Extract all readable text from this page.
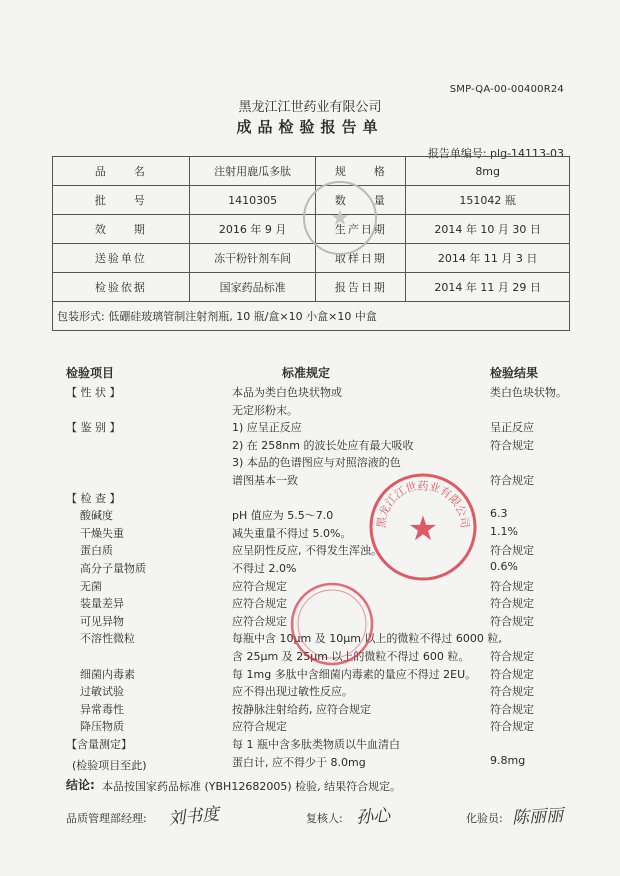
SMP-QA-00-00400R24
黑龙江江世药业有限公司
成品检验报告单
报告单编号: plg-14113-03
品　　名	注射用鹿瓜多肽	规　　格	8mg
批　　号	1410305	数　　量	151042 瓶
效　　期	2016 年 9 月	生产日期	2014 年 10 月 30 日
送验单位	冻干粉针剂车间	取样日期	2014 年 11 月 3 日
检验依据	国家药品标准	报告日期	2014 年 11 月 29 日
包装形式: 低硼硅玻璃管制注射剂瓶, 10 瓶/盒×10 小盒×10 中盒			
检验项目	标准规定	检验结果
【 性 状 】	本品为类白色块状物或	类白色块状物。
无定形粉末。
【 鉴 别 】	1) 应呈正反应	呈正反应
2) 在 258nm 的波长处应有最大吸收	符合规定
3) 本品的色谱图应与对照溶液的色
谱图基本一致	符合规定
【 检 查 】
酸碱度	pH 值应为 5.5～7.0	6.3
干燥失重	减失重量不得过 5.0%。	1.1%
蛋白质	应呈阴性反应, 不得发生浑浊。	符合规定
高分子量物质	不得过 2.0%	0.6%
无菌	应符合规定	符合规定
装量差异	应符合规定	符合规定
可见异物	应符合规定	符合规定
不溶性微粒	每瓶中含 10μm 及 10μm 以上的微粒不得过 6000 粒,
含 25μm 及 25μm 以上的微粒不得过 600 粒。 符合规定
细菌内毒素	每 1mg 多肽中含细菌内毒素的量应不得过 2EU。 符合规定
过敏试验	应不得出现过敏性反应。	符合规定
异常毒性	按静脉注射给药, 应符合规定	符合规定
降压物质	应符合规定	符合规定
【含量测定】	每 1 瓶中含多肽类物质以牛血清白
蛋白计, 应不得少于 8.0mg	9.8mg
(检验项目至此)
结论: 本品按国家药品标准 (YBH12682005) 检验, 结果符合规定。
品质管理部经理: 刘书度	复核人: 孙心	化验员: 陈丽丽
★
黑龙江江世药业有限公司
★
